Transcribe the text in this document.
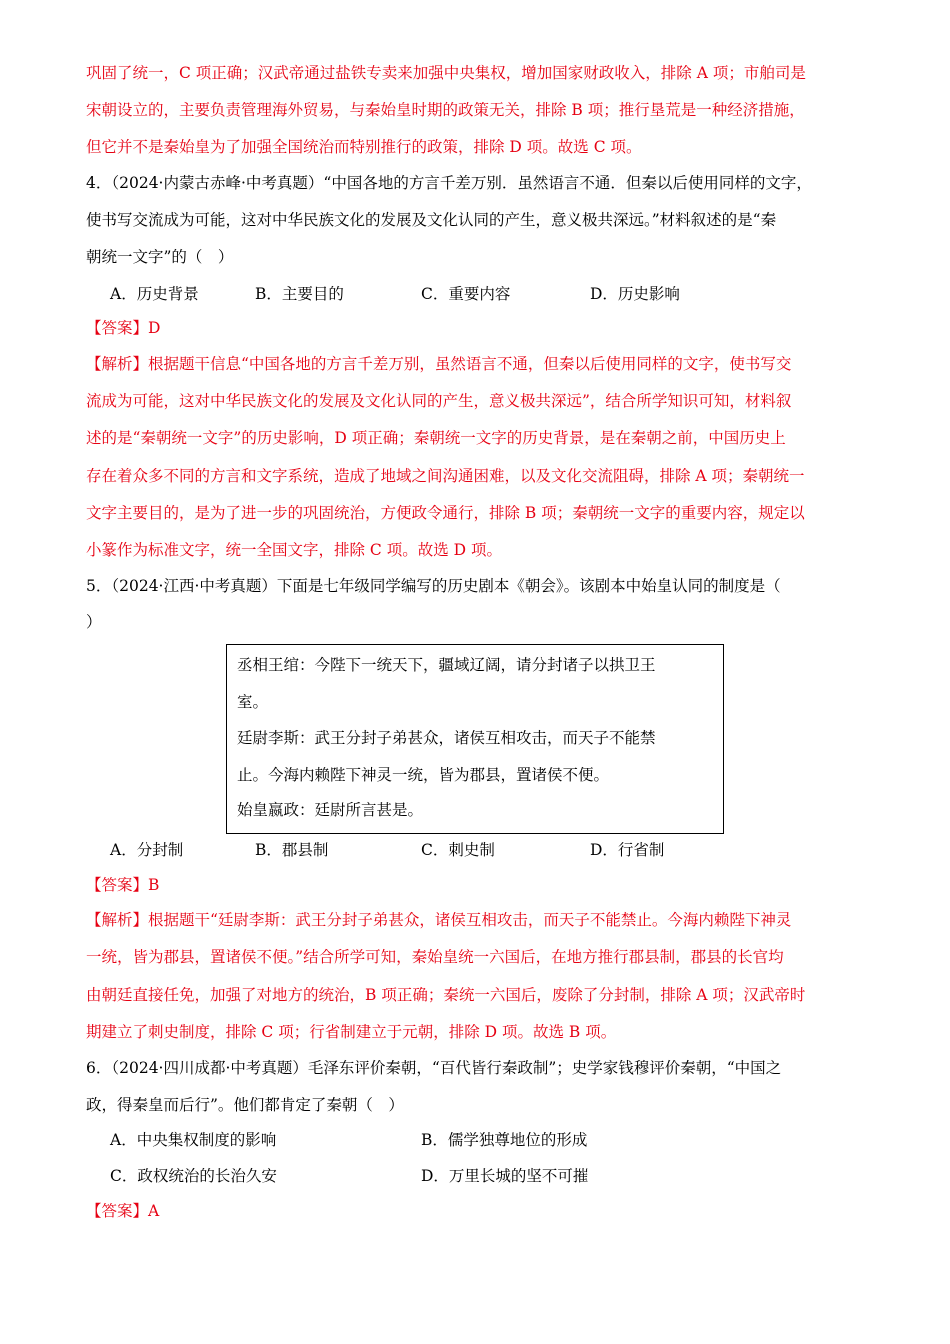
巩固了统一，C 项正确；汉武帝通过盐铁专卖来加强中央集权，增加国家财政收入，排除 A 项；市舶司是
宋朝设立的，主要负责管理海外贸易，与秦始皇时期的政策无关，排除 B 项；推行垦荒是一种经济措施，
但它并不是秦始皇为了加强全国统治而特别推行的政策，排除 D 项。故选 C 项。
4．（2024·内蒙古赤峰·中考真题）“中国各地的方言千差万别．虽然语言不通．但秦以后使用同样的文字，
使书写交流成为可能，这对中华民族文化的发展及文化认同的产生，意义极共深远。”材料叙述的是“秦
朝统一文字”的（　）
A．历史背景	B．主要目的	C．重要内容	D．历史影响
【答案】D
【解析】根据题干信息“中国各地的方言千差万别，虽然语言不通，但秦以后使用同样的文字，使书写交
流成为可能，这对中华民族文化的发展及文化认同的产生，意义极共深远”，结合所学知识可知，材料叙
述的是“秦朝统一文字”的历史影响，D 项正确；秦朝统一文字的历史背景，是在秦朝之前，中国历史上
存在着众多不同的方言和文字系统，造成了地域之间沟通困难，以及文化交流阻碍，排除 A 项；秦朝统一
文字主要目的，是为了进一步的巩固统治，方便政令通行，排除 B 项；秦朝统一文字的重要内容，规定以
小篆作为标准文字，统一全国文字，排除 C 项。故选 D 项。
5．（2024·江西·中考真题）下面是七年级同学编写的历史剧本《朝会》。该剧本中始皇认同的制度是（
）
丞相王绾：今陛下一统天下，疆域辽阔，请分封诸子以拱卫王
室。
廷尉李斯：武王分封子弟甚众，诸侯互相攻击，而天子不能禁
止。今海内赖陛下神灵一统，皆为郡县，置诸侯不便。
始皇嬴政：廷尉所言甚是。
A．分封制	B．郡县制	C．刺史制	D．行省制
【答案】B
【解析】根据题干“廷尉李斯：武王分封子弟甚众，诸侯互相攻击，而天子不能禁止。今海内赖陛下神灵
一统，皆为郡县，置诸侯不便。”结合所学可知，秦始皇统一六国后，在地方推行郡县制，郡县的长官均
由朝廷直接任免，加强了对地方的统治，B 项正确；秦统一六国后，废除了分封制，排除 A 项；汉武帝时
期建立了刺史制度，排除 C 项；行省制建立于元朝，排除 D 项。故选 B 项。
6．（2024·四川成都·中考真题）毛泽东评价秦朝，“百代皆行秦政制”；史学家钱穆评价秦朝，“中国之
政，得秦皇而后行”。他们都肯定了秦朝（　）
A．中央集权制度的影响	B．儒学独尊地位的形成
C．政权统治的长治久安	D．万里长城的坚不可摧
【答案】A
